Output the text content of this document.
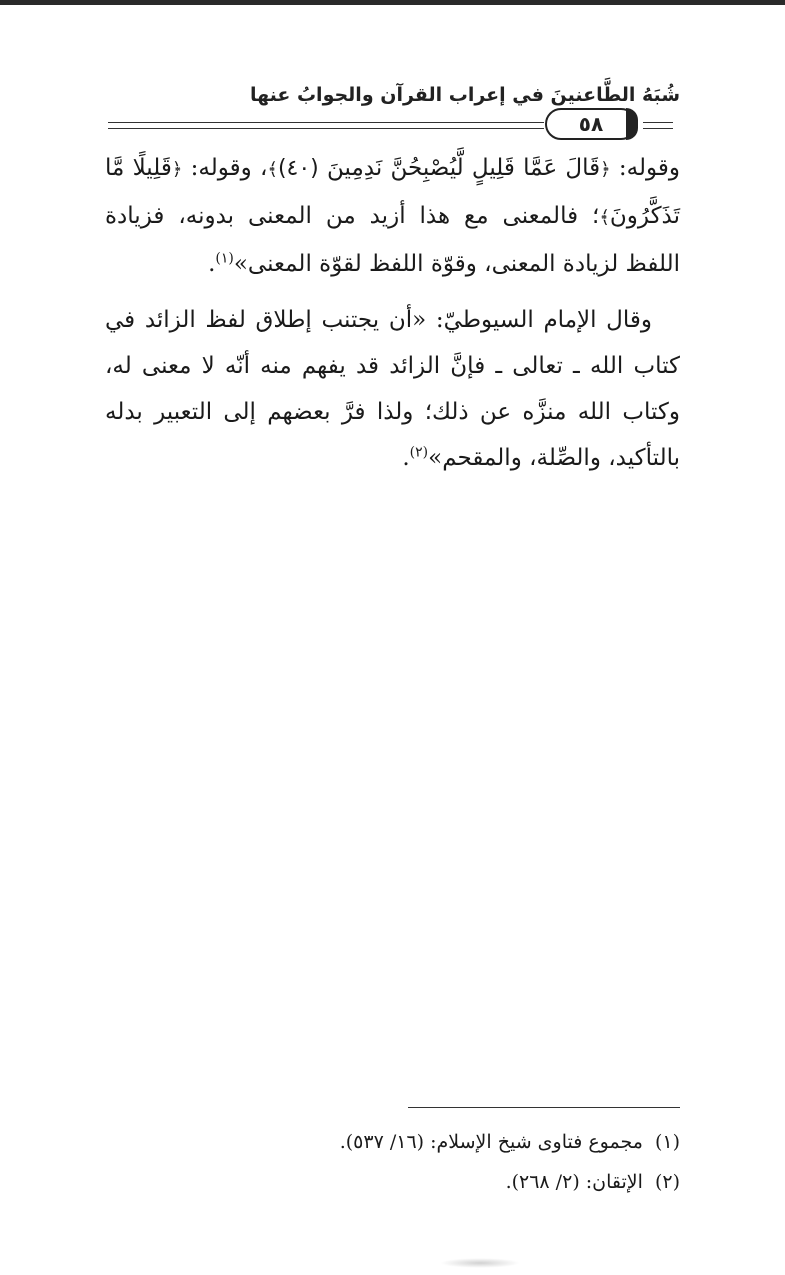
شُبَهُ الطَّاعنينَ في إعراب القرآن والجوابُ عنها
٥٨

وقوله: ﴿قَالَ عَمَّا قَلِيلٍ لَّيُصْبِحُنَّ نَدِمِينَ (٤٠)﴾، وقوله: ﴿قَلِيلًا مَّا تَذَكَّرُونَ﴾؛ فالمعنى مع هذا أزيد من المعنى بدونه، فزيادة اللفظ لزيادة المعنى، وقوّة اللفظ لقوّة المعنى»$^{(١)}$.

وقال الإمام السيوطيّ: «أن يجتنب إطلاق لفظ الزائد في كتاب الله ـ تعالى ـ فإنَّ الزائد قد يفهم منه أنّه لا معنى له، وكتاب الله منزَّه عن ذلك؛ ولذا فرَّ بعضهم إلى التعبير بدله بالتأكيد، والصِّلة، والمقحم»$^{(٢)}$.

(١)مجموع فتاوى شيخ الإسلام: (١٦/ ٥٣٧).

(٢)الإتقان: (٢/ ٢٦٨).
